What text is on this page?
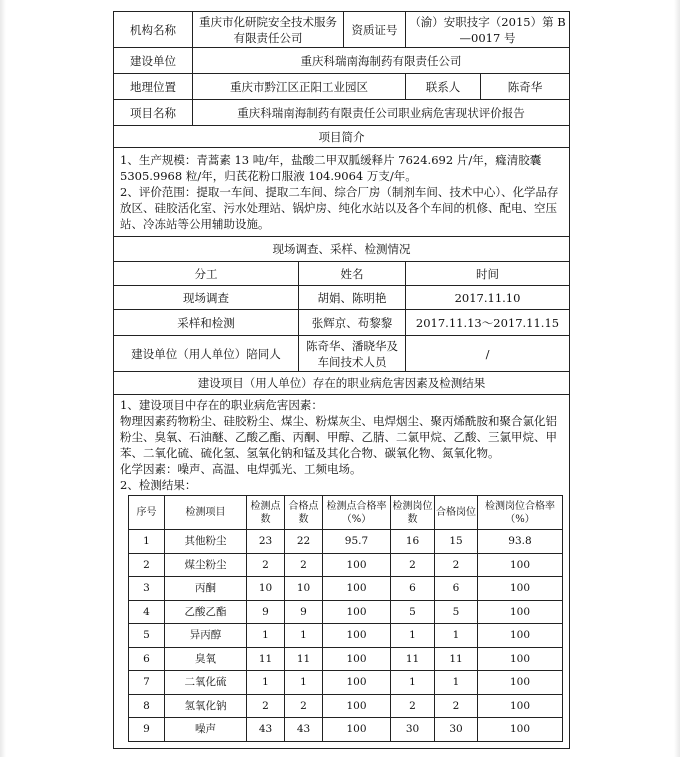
机构名称	重庆市化研院安全技术服务有限责任公司	资质证号	（渝）安职技字（2015）第 B—0017 号
建设单位	重庆科瑞南海制药有限责任公司
地理位置	重庆市黔江区正阳工业园区	联系人	陈奇华
项目名称	重庆科瑞南海制药有限责任公司职业病危害现状评价报告
项目简介

1、生产规模：青蒿素 13 吨/年，盐酸二甲双胍缓释片 7624.692 片/年，癃清胶囊 5305.9968 粒/年，归芪花粉口服液 104.9064 万支/年。
2、评价范围：提取一车间、提取二车间、综合厂房（制剂车间、技术中心）、化学品存放区、硅胶活化室、污水处理站、锅炉房、纯化水站以及各个车间的机修、配电、空压站、冷冻站等公用辅助设施。

现场调查、采样、检测情况
分工	姓名	时间
现场调查	胡娟、陈明艳	2017.11.10
采样和检测	张辉京、苟黎黎	2017.11.13～2017.11.15
建设单位（用人单位）陪同人	陈奇华、潘晓华及车间技术人员	/
建设项目（用人单位）存在的职业病危害因素及检测结果

1、建设项目中存在的职业病危害因素：
物理因素药物粉尘、硅胶粉尘、煤尘、粉煤灰尘、电焊烟尘、聚丙烯酰胺和聚合氯化铝粉尘、臭氧、石油醚、乙酸乙酯、丙酮、甲醇、乙腈、二氯甲烷、乙酸、三氯甲烷、甲苯、二氧化硫、硫化氢、氢氧化钠和锰及其化合物、碳氧化物、氮氧化物。
化学因素：噪声、高温、电焊弧光、工频电场。
2、检测结果：
序号	检测项目	检测点数	合格点数	检测点合格率（%）	检测岗位数	合格岗位	检测岗位合格率（%）
1	其他粉尘	23	22	95.7	16	15	93.8
2	煤尘粉尘	2	2	100	2	2	100
3	丙酮	10	10	100	6	6	100
4	乙酸乙酯	9	9	100	5	5	100
5	异丙醇	1	1	100	1	1	100
6	臭氧	11	11	100	11	11	100
7	二氧化硫	1	1	100	1	1	100
8	氢氧化钠	2	2	100	2	2	100
9	噪声	43	43	100	30	30	100
